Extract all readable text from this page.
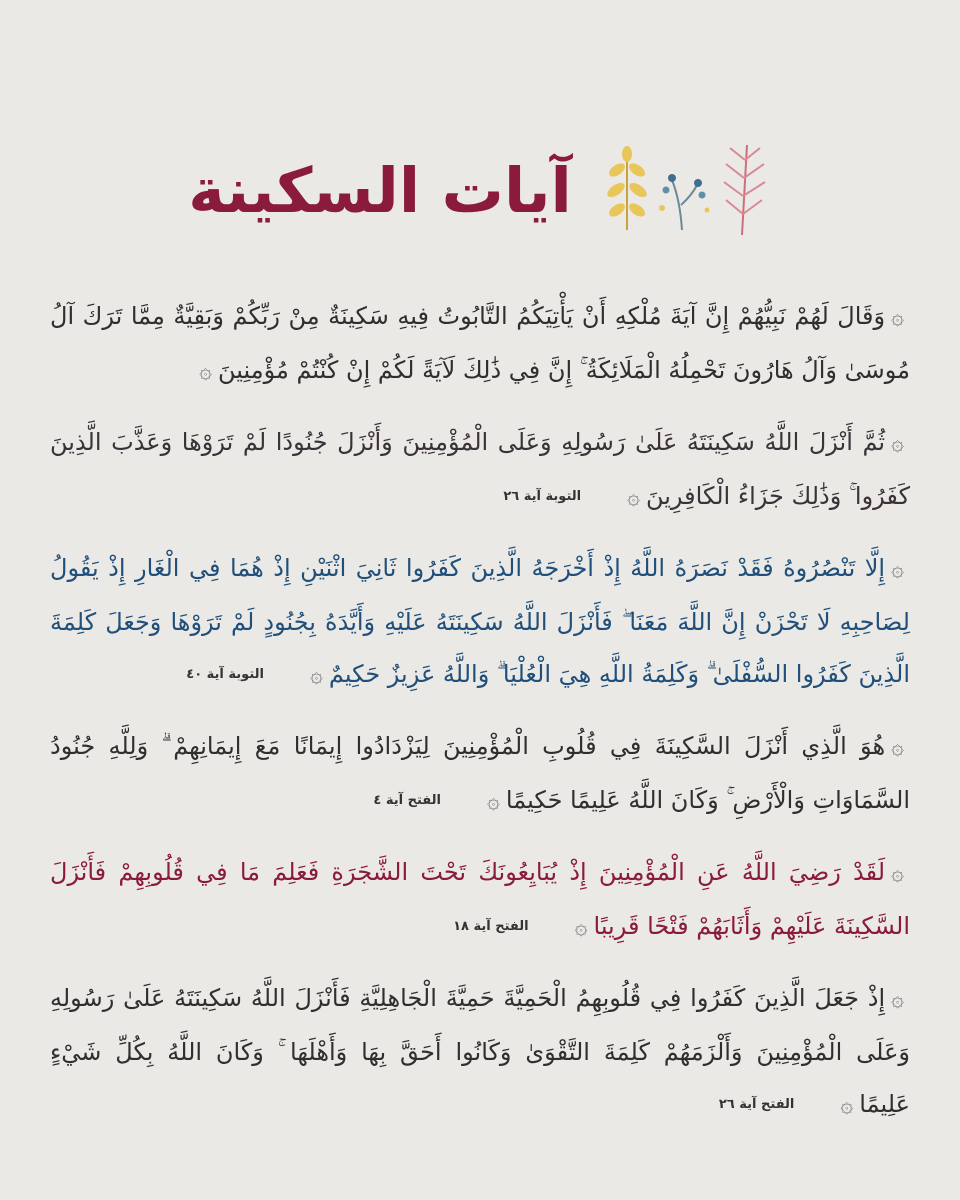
آيات السكينة

۞وَقَالَ لَهُمْ نَبِيُّهُمْ إِنَّ آيَةَ مُلْكِهِ أَنْ يَأْتِيَكُمُ التَّابُوتُ فِيهِ سَكِينَةٌ مِنْ رَبِّكُمْ وَبَقِيَّةٌ مِمَّا تَرَكَ آلُ مُوسَىٰ وَآلُ هَارُونَ تَحْمِلُهُ الْمَلَائِكَةُ ۚ إِنَّ فِي ذَٰلِكَ لَآيَةً لَكُمْ إِنْ كُنْتُمْ مُؤْمِنِينَ۞

۞ثُمَّ أَنْزَلَ اللَّهُ سَكِينَتَهُ عَلَىٰ رَسُولِهِ وَعَلَى الْمُؤْمِنِينَ وَأَنْزَلَ جُنُودًا لَمْ تَرَوْهَا وَعَذَّبَ الَّذِينَ كَفَرُوا ۚ وَذَٰلِكَ جَزَاءُ الْكَافِرِينَ۞التوبة آية ٢٦

۞إِلَّا تَنْصُرُوهُ فَقَدْ نَصَرَهُ اللَّهُ إِذْ أَخْرَجَهُ الَّذِينَ كَفَرُوا ثَانِيَ اثْنَيْنِ إِذْ هُمَا فِي الْغَارِ إِذْ يَقُولُ لِصَاحِبِهِ لَا تَحْزَنْ إِنَّ اللَّهَ مَعَنَا ۖ فَأَنْزَلَ اللَّهُ سَكِينَتَهُ عَلَيْهِ وَأَيَّدَهُ بِجُنُودٍ لَمْ تَرَوْهَا وَجَعَلَ كَلِمَةَ الَّذِينَ كَفَرُوا السُّفْلَىٰ ۗ وَكَلِمَةُ اللَّهِ هِيَ الْعُلْيَا ۗ وَاللَّهُ عَزِيزٌ حَكِيمٌ۞التوبة آية ٤٠

۞هُوَ الَّذِي أَنْزَلَ السَّكِينَةَ فِي قُلُوبِ الْمُؤْمِنِينَ لِيَزْدَادُوا إِيمَانًا مَعَ إِيمَانِهِمْ ۗ وَلِلَّهِ جُنُودُ السَّمَاوَاتِ وَالْأَرْضِ ۚ وَكَانَ اللَّهُ عَلِيمًا حَكِيمًا۞الفتح آية ٤

۞لَقَدْ رَضِيَ اللَّهُ عَنِ الْمُؤْمِنِينَ إِذْ يُبَايِعُونَكَ تَحْتَ الشَّجَرَةِ فَعَلِمَ مَا فِي قُلُوبِهِمْ فَأَنْزَلَ السَّكِينَةَ عَلَيْهِمْ وَأَثَابَهُمْ فَتْحًا قَرِيبًا۞الفتح آية ١٨

۞إِذْ جَعَلَ الَّذِينَ كَفَرُوا فِي قُلُوبِهِمُ الْحَمِيَّةَ حَمِيَّةَ الْجَاهِلِيَّةِ فَأَنْزَلَ اللَّهُ سَكِينَتَهُ عَلَىٰ رَسُولِهِ وَعَلَى الْمُؤْمِنِينَ وَأَلْزَمَهُمْ كَلِمَةَ التَّقْوَىٰ وَكَانُوا أَحَقَّ بِهَا وَأَهْلَهَا ۚ وَكَانَ اللَّهُ بِكُلِّ شَيْءٍ عَلِيمًا۞الفتح آية ٢٦
